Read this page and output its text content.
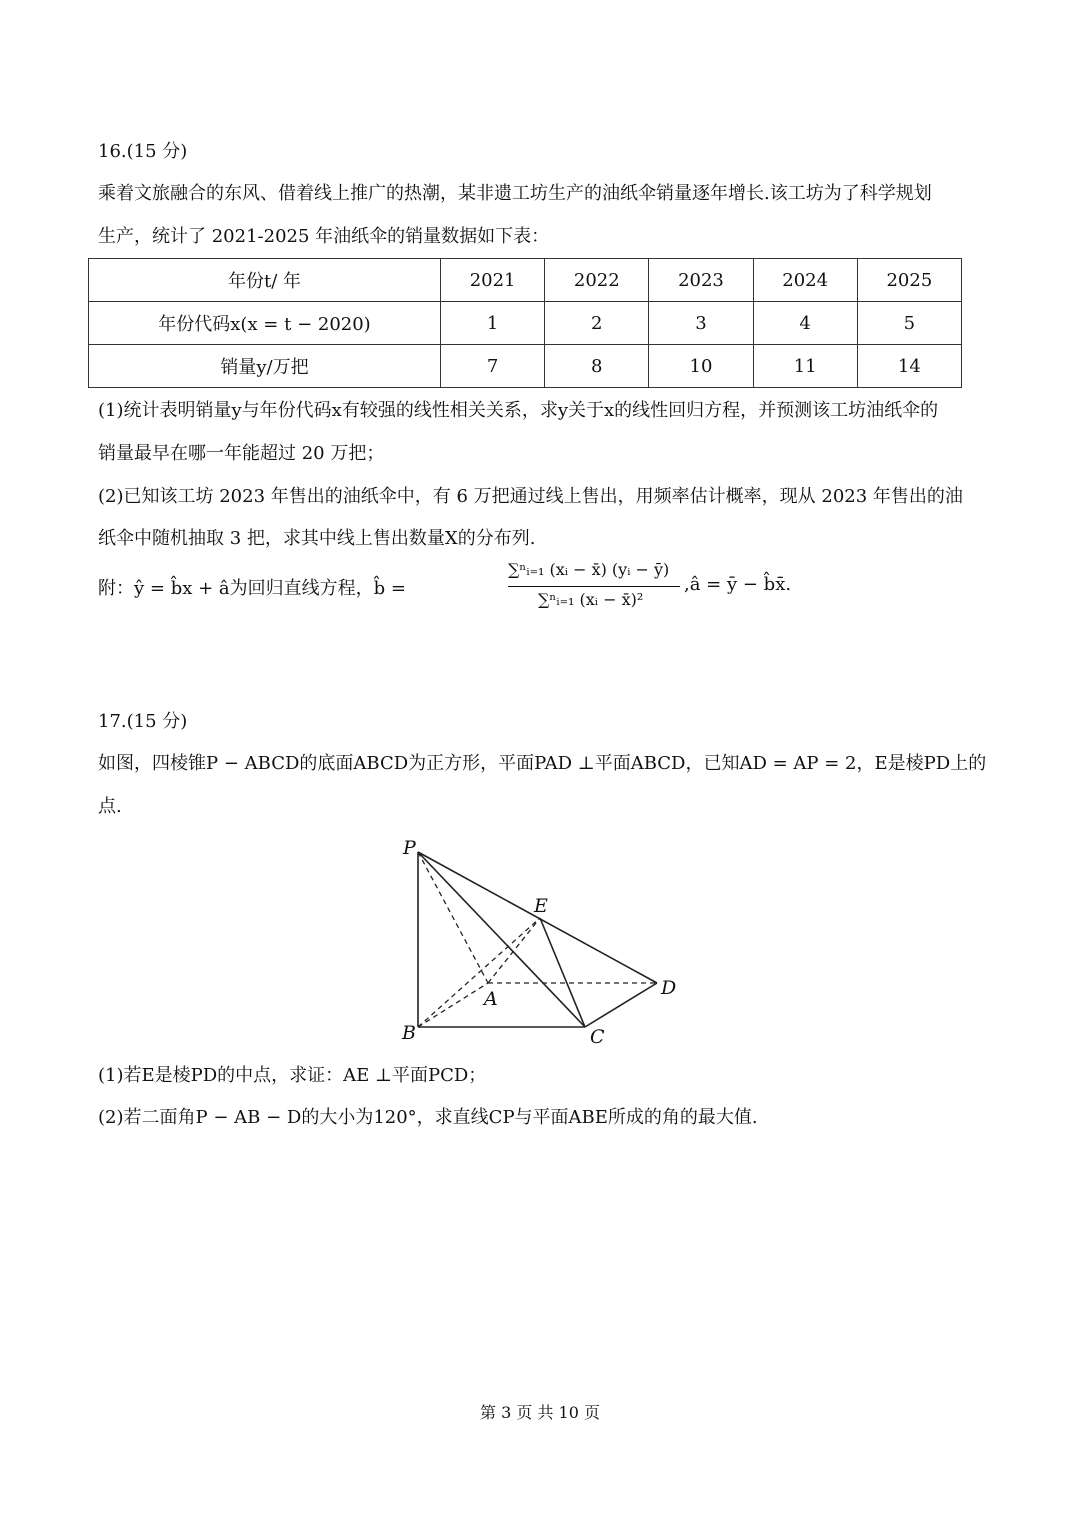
16.(15 分)
乘着文旅融合的东风、借着线上推广的热潮，某非遗工坊生产的油纸伞销量逐年增长.该工坊为了科学规划
生产，统计了 2021-2025 年油纸伞的销量数据如下表：
年份t/ 年	2021	2022	2023	2024	2025
年份代码x(x = t − 2020)	1	2	3	4	5
销量y/万把	7	8	10	11	14
(1)统计表明销量y与年份代码x有较强的线性相关关系，求y关于x的线性回归方程，并预测该工坊油纸伞的
销量最早在哪一年能超过 20 万把；
(2)已知该工坊 2023 年售出的油纸伞中，有 6 万把通过线上售出，用频率估计概率，现从 2023 年售出的油
纸伞中随机抽取 3 把，求其中线上售出数量X的分布列.
附：ŷ = b̂x + â为回归直线方程，b̂ =
∑ⁿᵢ₌₁ (xᵢ − x̄) (yᵢ − ȳ)
∑ⁿᵢ₌₁ (xᵢ − x̄)²
,â = ȳ − b̂x̄.
17.(15 分)
如图，四棱锥P − ABCD的底面ABCD为正方形，平面PAD ⊥平面ABCD，已知AD = AP = 2，E是棱PD上的
点.
P
E
A	D
B	C
(1)若E是棱PD的中点，求证：AE ⊥平面PCD；
(2)若二面角P − AB − D的大小为120°，求直线CP与平面ABE所成的角的最大值.
第 3 页 共 10 页
